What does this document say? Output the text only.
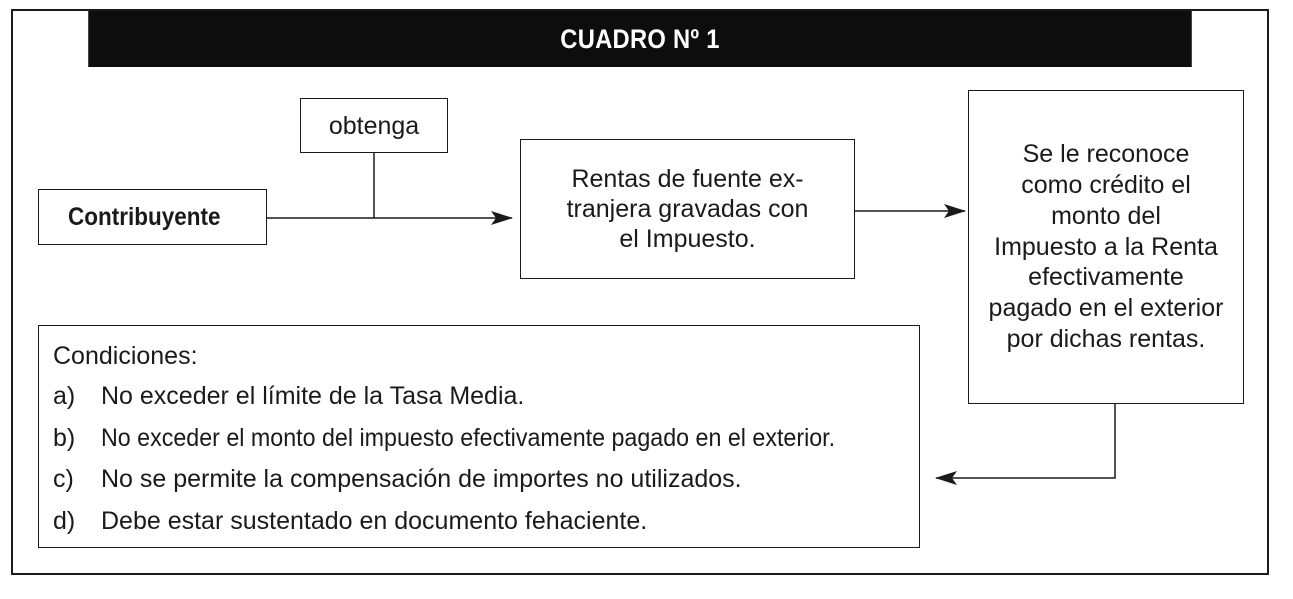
CUADRO Nº 1
Contribuyente
obtenga
Rentas de fuente ex-
tranjera gravadas con
el Impuesto.
Se le reconoce
como crédito el
monto del
Impuesto a la Renta
efectivamente
pagado en el exterior
por dichas rentas.
Condiciones:
a)	No exceder el límite de la Tasa Media.
b)	No exceder el monto del impuesto efectivamente pagado en el exterior.
c)	No se permite la compensación de importes no utilizados.
d)	Debe estar sustentado en documento fehaciente.
